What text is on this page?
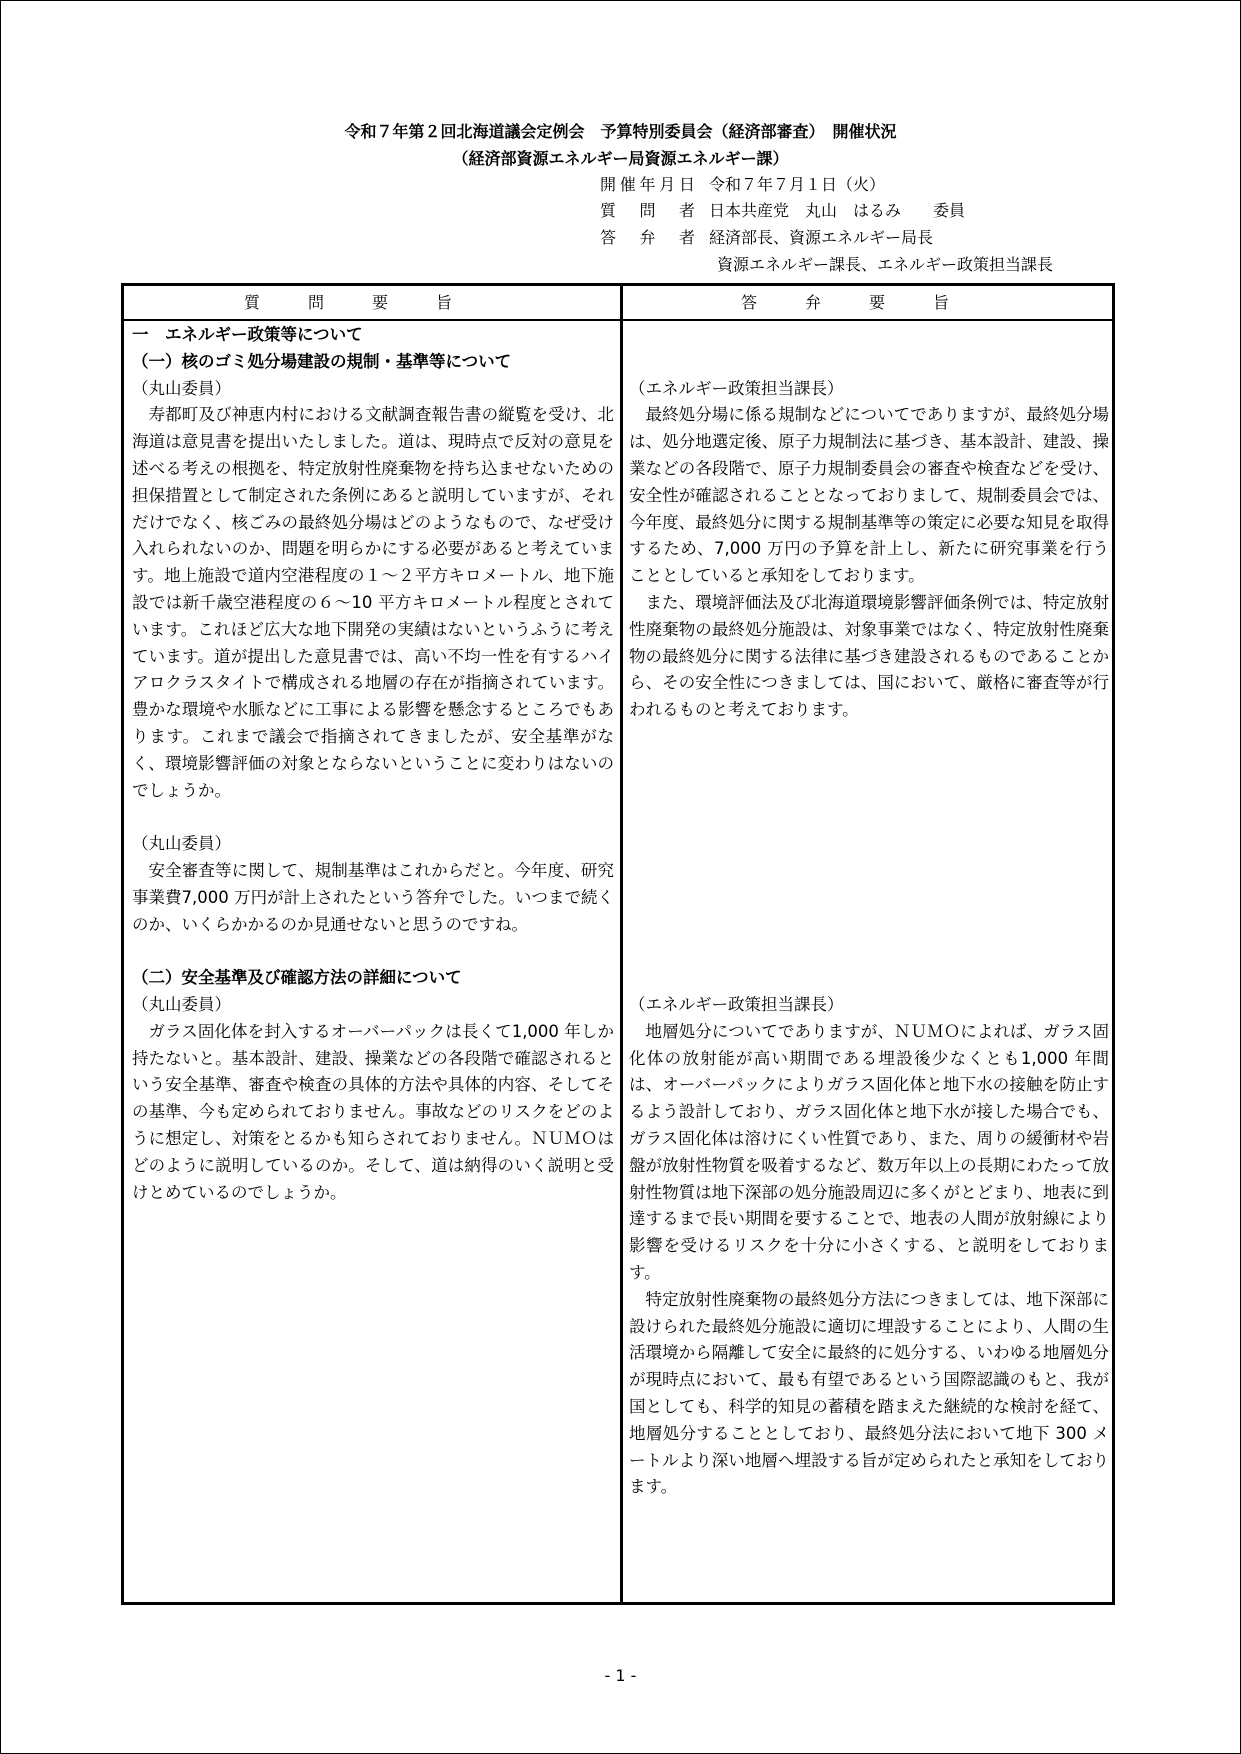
令和７年第２回北海道議会定例会　予算特別委員会（経済部審査）　開催状況
（経済部資源エネルギー局資源エネルギー課）
開催年月日 令和７年７月１日（火）
質問者 日本共産党　丸山　はるみ　　委員
答弁者 経済部長、資源エネルギー局長
資源エネルギー課長、エネルギー政策担当課長
質問要旨	答弁要旨

一　エネルギー政策等について

（一）核のゴミ処分場建設の規制・基準等について

（丸山委員）

寿都町及び神恵内村における文献調査報告書の縦覧を受け、北海道は意見書を提出いたしました。道は、現時点で反対の意見を述べる考えの根拠を、特定放射性廃棄物を持ち込ませないための担保措置として制定された条例にあると説明していますが、それだけでなく、核ごみの最終処分場はどのようなもので、なぜ受け入れられないのか、問題を明らかにする必要があると考えています。地上施設で道内空港程度の１～２平方キロメートル、地下施設では新千歳空港程度の６～10 平方キロメートル程度とされています。これほど広大な地下開発の実績はないというふうに考えています。道が提出した意見書では、高い不均一性を有するハイアロクラスタイトで構成される地層の存在が指摘されています。豊かな環境や水脈などに工事による影響を懸念するところでもあります。これまで議会で指摘されてきましたが、安全基準がなく、環境影響評価の対象とならないということに変わりはないのでしょうか。

（丸山委員）

安全審査等に関して、規制基準はこれからだと。今年度、研究事業費7,000 万円が計上されたという答弁でした。いつまで続くのか、いくらかかるのか見通せないと思うのですね。

（二）安全基準及び確認方法の詳細について

（丸山委員）

ガラス固化体を封入するオーバーパックは長くて1,000 年しか持たないと。基本設計、建設、操業などの各段階で確認されるという安全基準、審査や検査の具体的方法や具体的内容、そしてその基準、今も定められておりません。事故などのリスクをどのように想定し、対策をとるかも知らされておりません。ＮＵＭＯはどのように説明しているのか。そして、道は納得のいく説明と受けとめているのでしょうか。

（エネルギー政策担当課長）

最終処分場に係る規制などについてでありますが、最終処分場は、処分地選定後、原子力規制法に基づき、基本設計、建設、操業などの各段階で、原子力規制委員会の審査や検査などを受け、安全性が確認されることとなっておりまして、規制委員会では、今年度、最終処分に関する規制基準等の策定に必要な知見を取得するため、7,000 万円の予算を計上し、新たに研究事業を行うこととしていると承知をしております。

また、環境評価法及び北海道環境影響評価条例では、特定放射性廃棄物の最終処分施設は、対象事業ではなく、特定放射性廃棄物の最終処分に関する法律に基づき建設されるものであることから、その安全性につきましては、国において、厳格に審査等が行われるものと考えております。

（エネルギー政策担当課長）

地層処分についてでありますが、ＮＵＭＯによれば、ガラス固化体の放射能が高い期間である埋設後少なくとも1,000 年間は、オーバーパックによりガラス固化体と地下水の接触を防止するよう設計しており、ガラス固化体と地下水が接した場合でも、ガラス固化体は溶けにくい性質であり、また、周りの緩衝材や岩盤が放射性物質を吸着するなど、数万年以上の長期にわたって放射性物質は地下深部の処分施設周辺に多くがとどまり、地表に到達するまで長い期間を要することで、地表の人間が放射線により影響を受けるリスクを十分に小さくする、と説明をしております。

特定放射性廃棄物の最終処分方法につきましては、地下深部に設けられた最終処分施設に適切に埋設することにより、人間の生活環境から隔離して安全に最終的に処分する、いわゆる地層処分が現時点において、最も有望であるという国際認識のもと、我が国としても、科学的知見の蓄積を踏まえた継続的な検討を経て、地層処分することとしており、最終処分法において地下 300 メートルより深い地層へ埋設する旨が定められたと承知をしております。

- 1 -
